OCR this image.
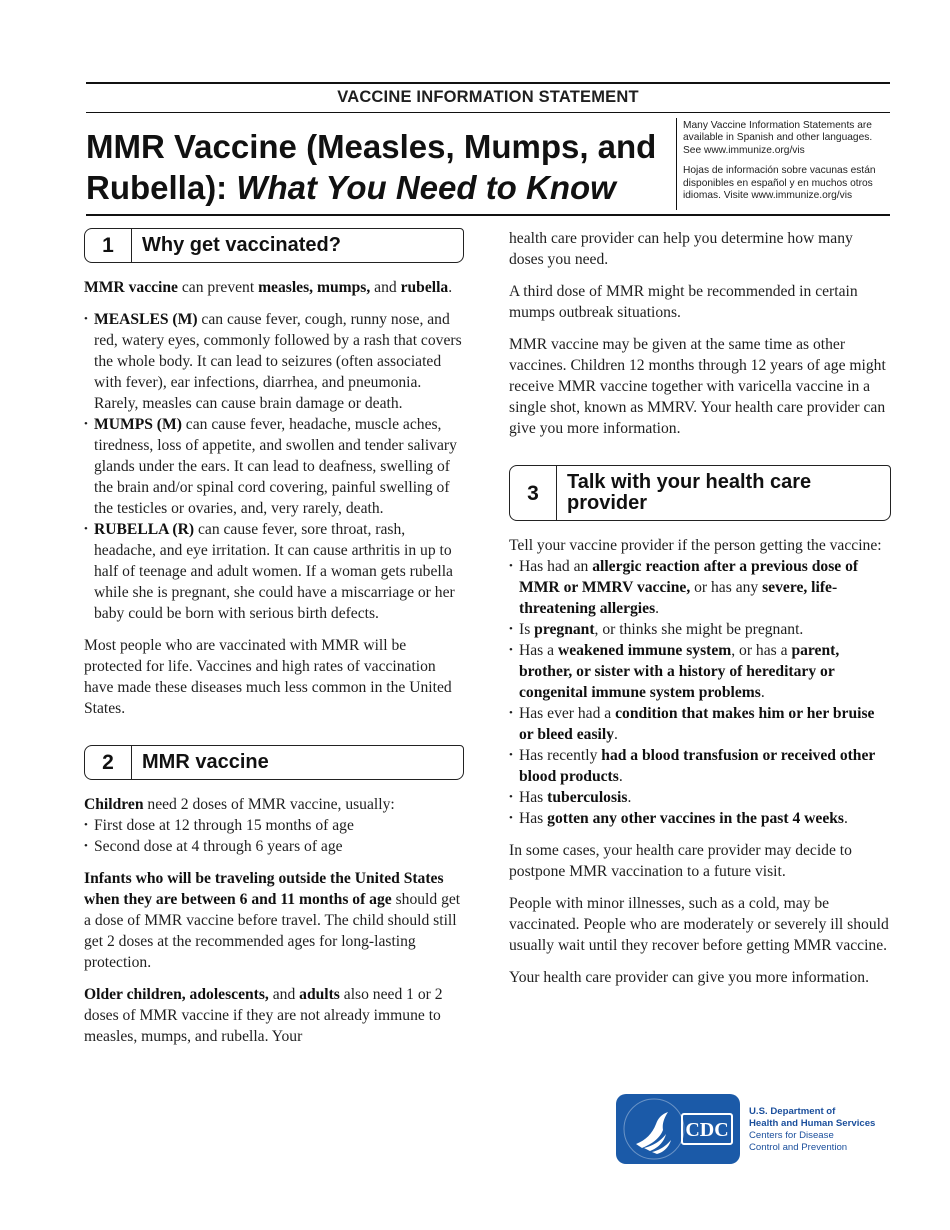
VACCINE INFORMATION STATEMENT
MMR Vaccine (Measles, Mumps, and
Rubella): What You Need to Know

Many Vaccine Information Statements are available in Spanish and other languages. See www.immunize.org/vis

Hojas de información sobre vacunas están disponibles en español y en muchos otros idiomas. Visite www.immunize.org/vis

1	Why get vaccinated?

MMR vaccine can prevent measles, mumps, and rubella.

• MEASLES (M) can cause fever, cough, runny nose, and red, watery eyes, commonly followed by a rash that covers the whole body. It can lead to seizures (often associated with fever), ear infections, diarrhea, and pneumonia. Rarely, measles can cause brain damage or death.
• MUMPS (M) can cause fever, headache, muscle aches, tiredness, loss of appetite, and swollen and tender salivary glands under the ears. It can lead to deafness, swelling of the brain and/or spinal cord covering, painful swelling of the testicles or ovaries, and, very rarely, death.
• RUBELLA (R) can cause fever, sore throat, rash, headache, and eye irritation. It can cause arthritis in up to half of teenage and adult women. If a woman gets rubella while she is pregnant, she could have a miscarriage or her baby could be born with serious birth defects.

Most people who are vaccinated with MMR will be protected for life. Vaccines and high rates of vaccination have made these diseases much less common in the United States.

2	MMR vaccine

Children need 2 doses of MMR vaccine, usually:

• First dose at 12 through 15 months of age
• Second dose at 4 through 6 years of age

Infants who will be traveling outside the United States when they are between 6 and 11 months of age should get a dose of MMR vaccine before travel. The child should still get 2 doses at the recommended ages for long-lasting protection.

Older children, adolescents, and adults also need 1 or 2 doses of MMR vaccine if they are not already immune to measles, mumps, and rubella. Your

health care provider can help you determine how many doses you need.

A third dose of MMR might be recommended in certain mumps outbreak situations.

MMR vaccine may be given at the same time as other vaccines. Children 12 months through 12 years of age might receive MMR vaccine together with varicella vaccine in a single shot, known as MMRV. Your health care provider can give you more information.

3	Talk with your health care provider

Tell your vaccine provider if the person getting the vaccine:

• Has had an allergic reaction after a previous dose of MMR or MMRV vaccine, or has any severe, life-threatening allergies.
• Is pregnant, or thinks she might be pregnant.
• Has a weakened immune system, or has a parent, brother, or sister with a history of hereditary or congenital immune system problems.
• Has ever had a condition that makes him or her bruise or bleed easily.
• Has recently had a blood transfusion or received other blood products.
• Has tuberculosis.
• Has gotten any other vaccines in the past 4 weeks.

In some cases, your health care provider may decide to postpone MMR vaccination to a future visit.

People with minor illnesses, such as a cold, may be vaccinated. People who are moderately or severely ill should usually wait until they recover before getting MMR vaccine.

Your health care provider can give you more information.

CDC
U.S. Department of
Health and Human Services
Centers for Disease
Control and Prevention
